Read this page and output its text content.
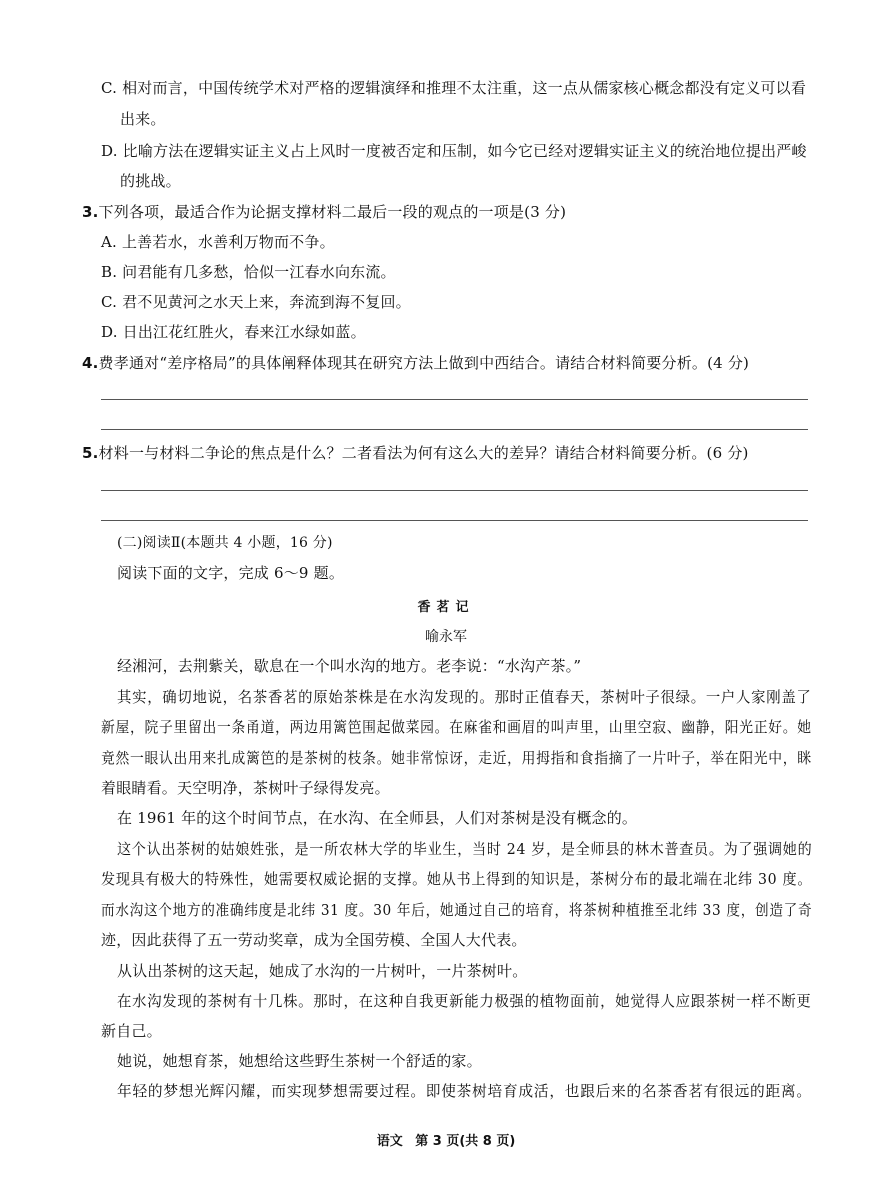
C. 相对而言，中国传统学术对严格的逻辑演绎和推理不太注重，这一点从儒家核心概念都没有定义可以看
出来。
D. 比喻方法在逻辑实证主义占上风时一度被否定和压制，如今它已经对逻辑实证主义的统治地位提出严峻
的挑战。
3.下列各项，最适合作为论据支撑材料二最后一段的观点的一项是(3 分)
A. 上善若水，水善利万物而不争。
B. 问君能有几多愁，恰似一江春水向东流。
C. 君不见黄河之水天上来，奔流到海不复回。
D. 日出江花红胜火，春来江水绿如蓝。
4.费孝通对“差序格局”的具体阐释体现其在研究方法上做到中西结合。请结合材料简要分析。(4 分)
5.材料一与材料二争论的焦点是什么？二者看法为何有这么大的差异？请结合材料简要分析。(6 分)
(二)阅读Ⅱ(本题共 4 小题，16 分)
阅读下面的文字，完成 6～9 题。
香茗记
喻永军
经湘河，去荆紫关，歇息在一个叫水沟的地方。老李说：“水沟产茶。”
其实，确切地说，名茶香茗的原始茶株是在水沟发现的。那时正值春天，茶树叶子很绿。一户人家刚盖了
新屋，院子里留出一条甬道，两边用篱笆围起做菜园。在麻雀和画眉的叫声里，山里空寂、幽静，阳光正好。她
竟然一眼认出用来扎成篱笆的是茶树的枝条。她非常惊讶，走近，用拇指和食指摘了一片叶子，举在阳光中，眯
着眼睛看。天空明净，茶树叶子绿得发亮。
在 1961 年的这个时间节点，在水沟、在全师县，人们对茶树是没有概念的。
这个认出茶树的姑娘姓张，是一所农林大学的毕业生，当时 24 岁，是全师县的林木普查员。为了强调她的
发现具有极大的特殊性，她需要权威论据的支撑。她从书上得到的知识是，茶树分布的最北端在北纬 30 度。
而水沟这个地方的准确纬度是北纬 31 度。30 年后，她通过自己的培育，将茶树种植推至北纬 33 度，创造了奇
迹，因此获得了五一劳动奖章，成为全国劳模、全国人大代表。
从认出茶树的这天起，她成了水沟的一片树叶，一片茶树叶。
在水沟发现的茶树有十几株。那时，在这种自我更新能力极强的植物面前，她觉得人应跟茶树一样不断更
新自己。
她说，她想育茶，她想给这些野生茶树一个舒适的家。
年轻的梦想光辉闪耀，而实现梦想需要过程。即使茶树培育成活，也跟后来的名茶香茗有很远的距离。
语文 第 3 页(共 8 页)
